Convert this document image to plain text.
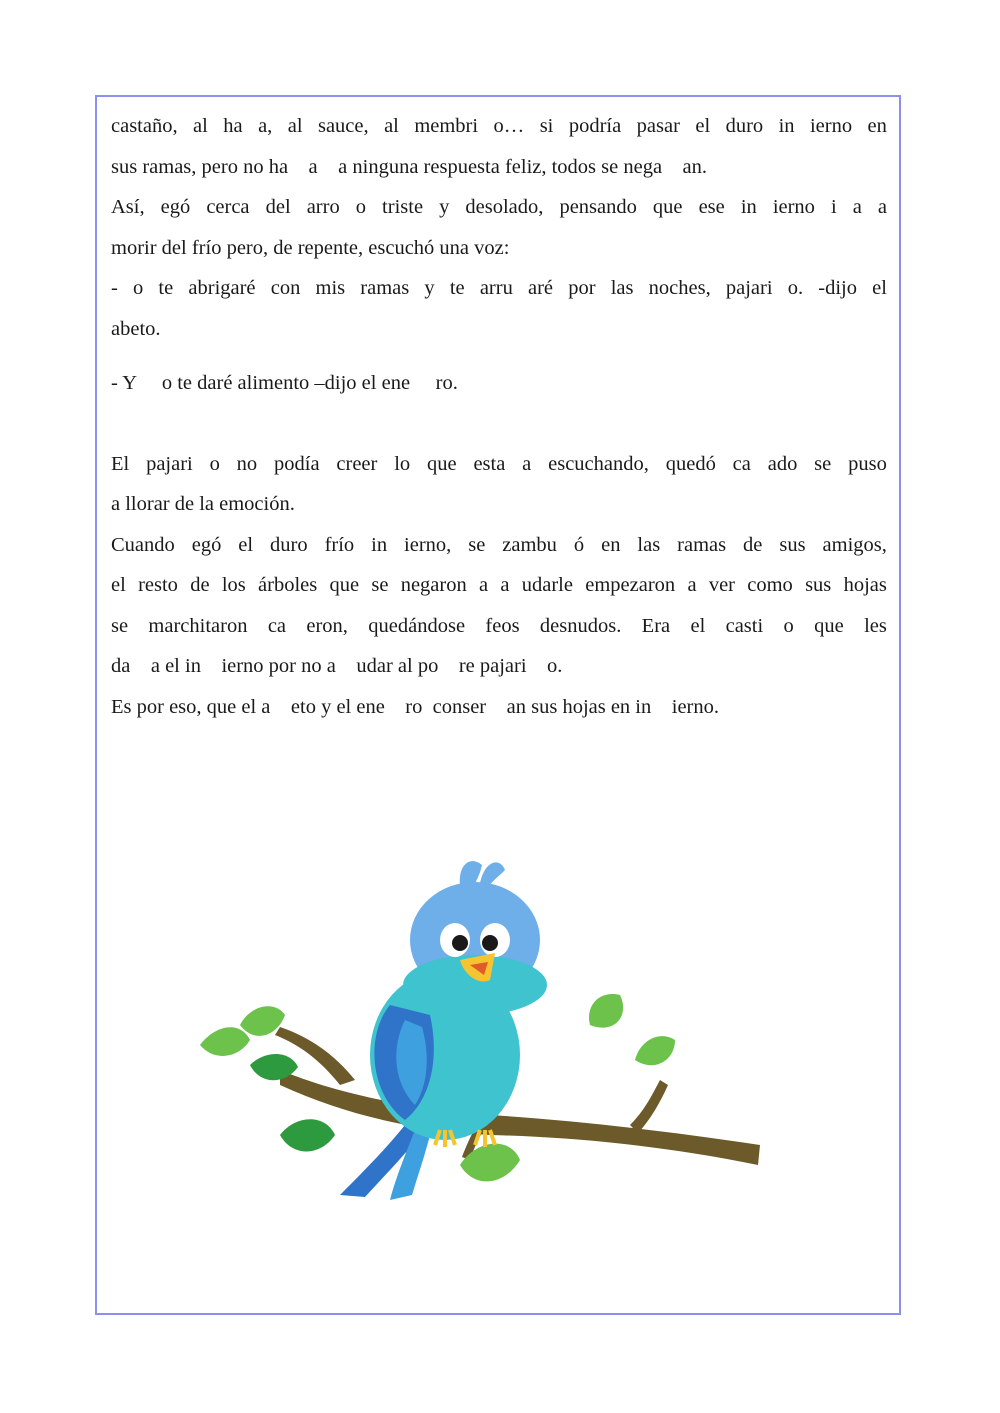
castaño, al ha a, al sauce, al membri o… si podría pasar el duro in ierno en
sus ramas, pero no ha    a    a ninguna respuesta feliz, todos se nega    an.
Así, egó cerca del arro o triste y desolado, pensando que ese in ierno i a a
morir del frío pero, de repente, escuchó una voz:
- o te abrigaré con mis ramas y te arru aré por las noches, pajari o. -dijo el
abeto.
- Y     o te daré alimento –dijo el ene     ro.
El pajari o no podía creer lo que esta a escuchando, quedó ca ado se puso
a llorar de la emoción.
Cuando egó el duro frío in ierno, se zambu ó en las ramas de sus amigos,
el resto de los árboles que se negaron a a udarle empezaron a ver como sus hojas
se marchitaron ca eron, quedándose feos desnudos. Era el casti o que les
da    a el in    ierno por no a    udar al po    re pajari    o.
Es por eso, que el a    eto y el ene    ro  conser    an sus hojas en in    ierno.
